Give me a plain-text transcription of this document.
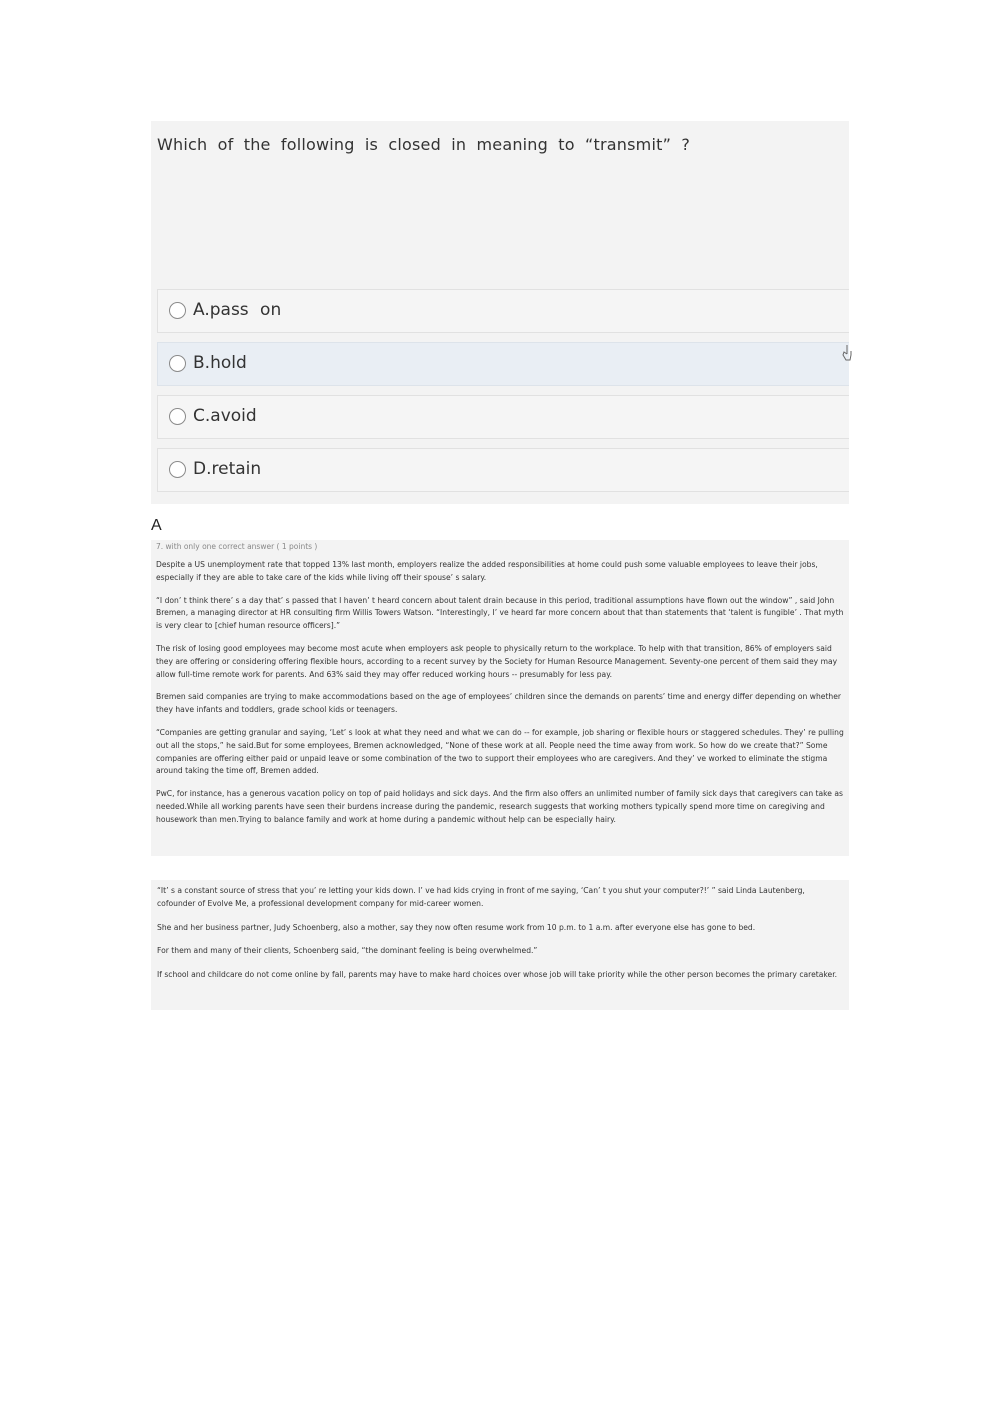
Which of the following is closed in meaning to “transmit” ?
A.pass on
B.hold
C.avoid
D.retain
A
7. with only one correct answer ( 1 points )

Despite a US unemployment rate that topped 13% last month, employers realize the added responsibilities at home could push some valuable employees to leave their jobs, especially if they are able to take care of the kids while living off their spouse’ s salary.

“I don’ t think there’ s a day that’ s passed that I haven’ t heard concern about talent drain because in this period, traditional assumptions have flown out the window” , said John Bremen, a managing director at HR consulting firm Willis Towers Watson. “Interestingly, I’ ve heard far more concern about that than statements that ‘talent is fungible’ . That myth is very clear to [chief human resource officers].”

The risk of losing good employees may become most acute when employers ask people to physically return to the workplace. To help with that transition, 86% of employers said they are offering or considering offering flexible hours, according to a recent survey by the Society for Human Resource Management. Seventy-one percent of them said they may allow full-time remote work for parents. And 63% said they may offer reduced working hours -- presumably for less pay.

Bremen said companies are trying to make accommodations based on the age of employees’ children since the demands on parents’ time and energy differ depending on whether they have infants and toddlers, grade school kids or teenagers.

“Companies are getting granular and saying, ‘Let’ s look at what they need and what we can do -- for example, job sharing or flexible hours or staggered schedules. They’ re pulling out all the stops,” he said.But for some employees, Bremen acknowledged, “None of these work at all. People need the time away from work. So how do we create that?” Some companies are offering either paid or unpaid leave or some combination of the two to support their employees who are caregivers. And they’ ve worked to eliminate the stigma around taking the time off, Bremen added.

PwC, for instance, has a generous vacation policy on top of paid holidays and sick days. And the firm also offers an unlimited number of family sick days that caregivers can take as needed.While all working parents have seen their burdens increase during the pandemic, research suggests that working mothers typically spend more time on caregiving and housework than men.Trying to balance family and work at home during a pandemic without help can be especially hairy.

“It’ s a constant source of stress that you’ re letting your kids down. I’ ve had kids crying in front of me saying, ‘Can’ t you shut your computer?!’ ” said Linda Lautenberg, cofounder of Evolve Me, a professional development company for mid-career women.

She and her business partner, Judy Schoenberg, also a mother, say they now often resume work from 10 p.m. to 1 a.m. after everyone else has gone to bed.

For them and many of their clients, Schoenberg said, “the dominant feeling is being overwhelmed.”

If school and childcare do not come online by fall, parents may have to make hard choices over whose job will take priority while the other person becomes the primary caretaker.
